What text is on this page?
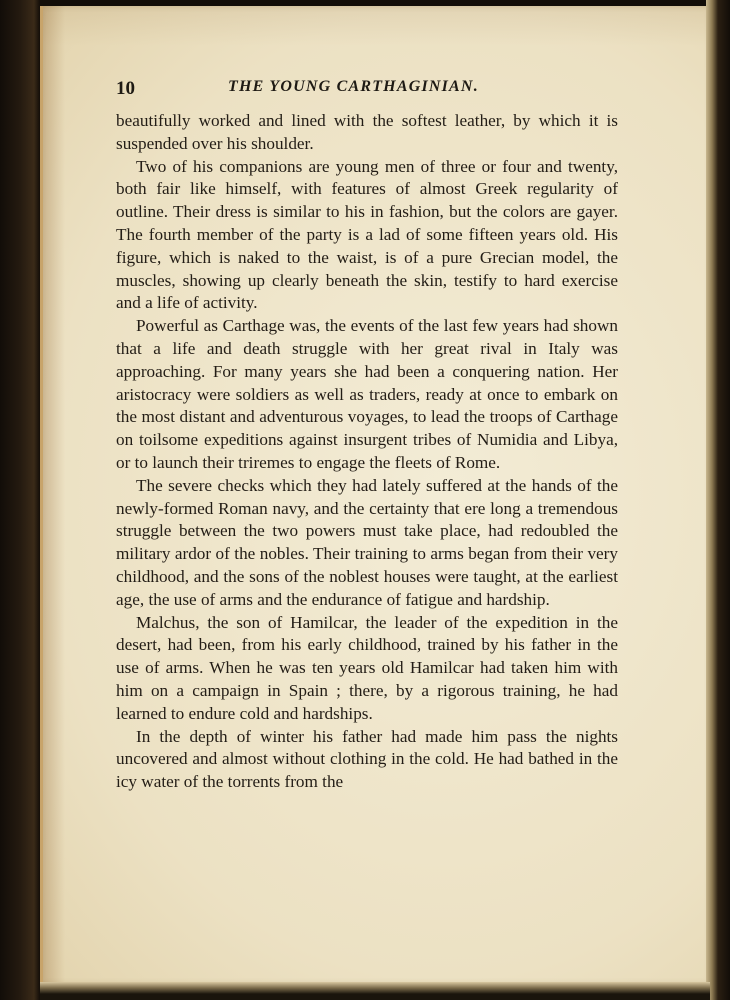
10	THE YOUNG CARTHAGINIAN.

beautifully worked and lined with the softest leather, by which it is suspended over his shoulder.

Two of his companions are young men of three or four and twenty, both fair like himself, with features of almost Greek regularity of outline. Their dress is similar to his in fashion, but the colors are gayer. The fourth member of the party is a lad of some fifteen years old. His figure, which is naked to the waist, is of a pure Grecian model, the muscles, showing up clearly beneath the skin, testify to hard exercise and a life of activity.

Powerful as Carthage was, the events of the last few years had shown that a life and death struggle with her great rival in Italy was approaching. For many years she had been a conquering nation. Her aristocracy were soldiers as well as traders, ready at once to embark on the most distant and adventurous voyages, to lead the troops of Carthage on toilsome expeditions against insurgent tribes of Numidia and Libya, or to launch their triremes to engage the fleets of Rome.

The severe checks which they had lately suffered at the hands of the newly-formed Roman navy, and the certainty that ere long a tremendous struggle between the two powers must take place, had redoubled the military ardor of the nobles. Their training to arms began from their very childhood, and the sons of the noblest houses were taught, at the earliest age, the use of arms and the endurance of fatigue and hardship.

Malchus, the son of Hamilcar, the leader of the expedition in the desert, had been, from his early childhood, trained by his father in the use of arms. When he was ten years old Hamilcar had taken him with him on a campaign in Spain ; there, by a rigorous training, he had learned to endure cold and hardships.

In the depth of winter his father had made him pass the nights uncovered and almost without clothing in the cold. He had bathed in the icy water of the torrents from the
